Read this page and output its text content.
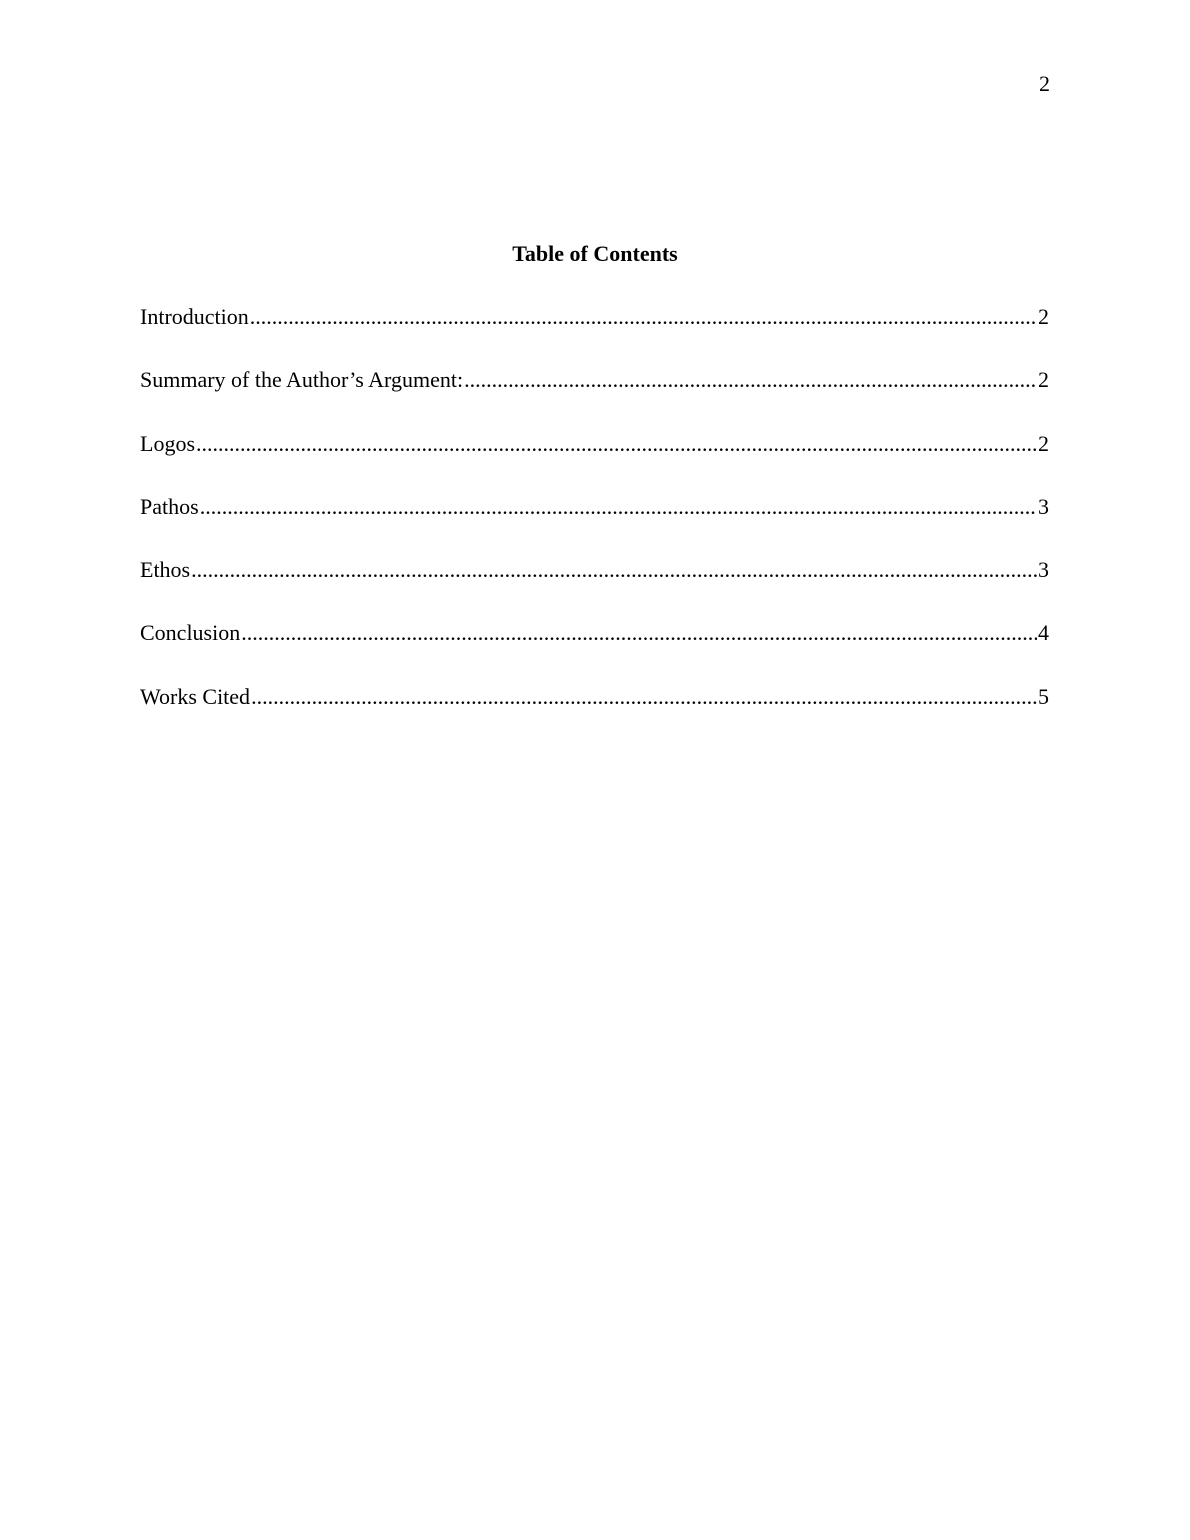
2
Table of Contents
Introduction .....	2
Summary of the Author’s Argument: .....	2
Logos .....	2
Pathos .....	3
Ethos .....	3
Conclusion .....	4
Works Cited .....	5
